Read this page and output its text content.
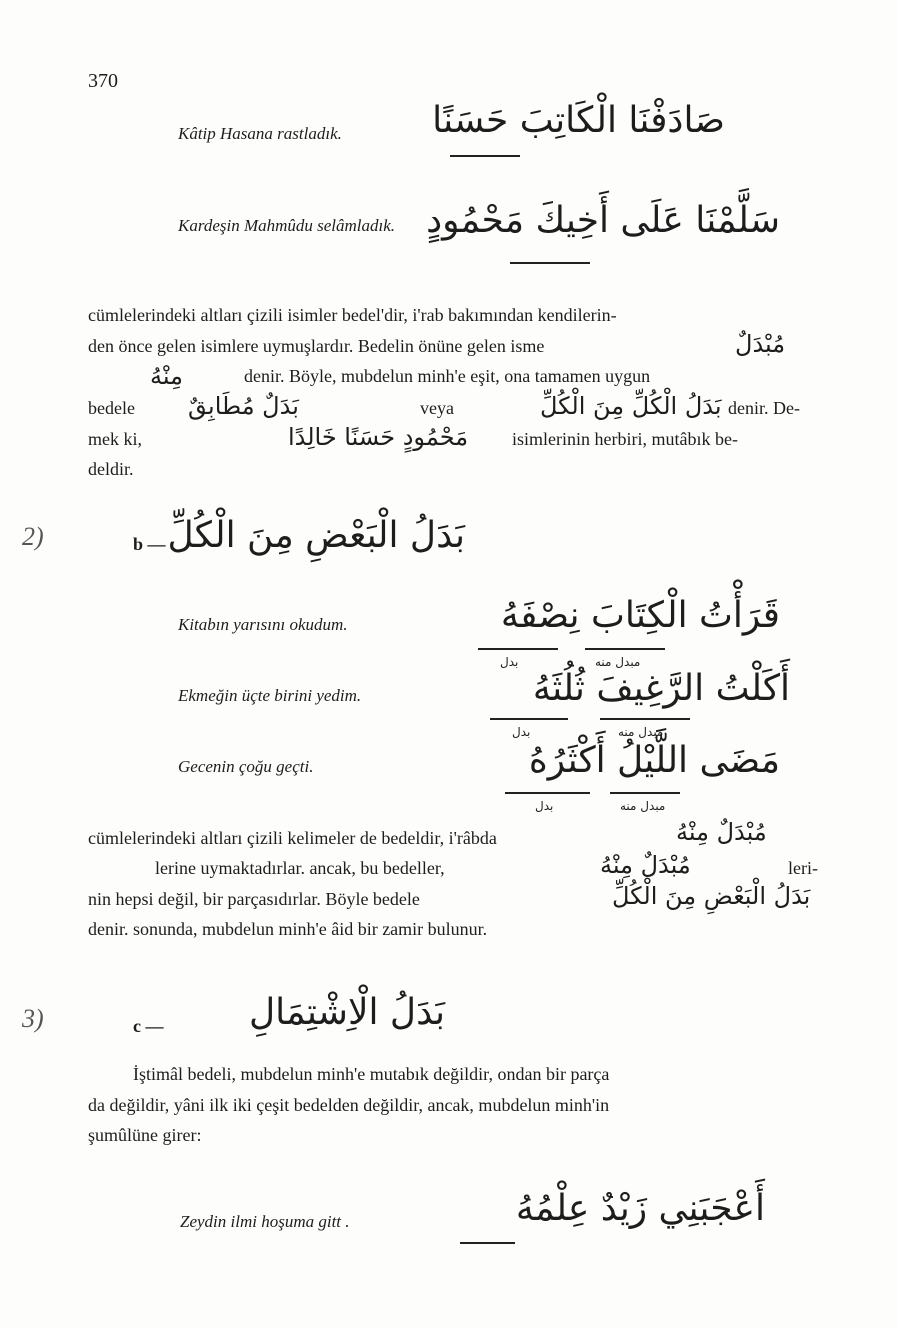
370
Kâtip Hasana rastladık.	صَادَفْنَا الْكَاتِبَ حَسَنًا
Kardeşin Mahmûdu selâmladık. سَلَّمْنَا عَلَى أَخِيكَ مَحْمُودٍ
cümlelerindeki altları çizili isimler bedel'dir, i'rab bakımından kendilerin-
den önce gelen isimlere uymuşlardır. Bedelin önüne gelen isme	مُبْدَلٌ
مِنْهُ	denir. Böyle, mubdelun minh'e eşit, ona tamamen uygun
bedele بَدَلٌ مُطَابِقٌ	veya	بَدَلُ الْكُلِّ مِنَ الْكُلِّ denir. De-
mek ki,	مَحْمُودٍ حَسَنًا خَالِدًا	isimlerinin herbiri, mutâbık be-
deldir.
2)	b — بَدَلُ الْبَعْضِ مِنَ الْكُلِّ
Kitabın yarısını okudum.	قَرَأْتُ الْكِتَابَ نِصْفَهُ
بدل	مبدل منه
Ekmeğin üçte birini yedim.	أَكَلْتُ الرَّغِيفَ ثُلُثَهُ
بدل	مبدل منه
Gecenin çoğu geçti.	مَضَى اللَّيْلُ أَكْثَرُهُ
بدل	مبدل منه
cümlelerindeki altları çizili kelimeler de bedeldir, i'râbda	مُبْدَلٌ مِنْهُ
lerine uymaktadırlar. ancak, bu bedeller,	مُبْدَلٌ مِنْهُ	leri-
nin hepsi değil, bir parçasıdırlar. Böyle bedele	بَدَلُ الْبَعْضِ مِنَ الْكُلِّ
denir. sonunda, mubdelun minh'e âid bir zamir bulunur.
3)	c —	بَدَلُ الْاِشْتِمَالِ
İştimâl bedeli, mubdelun minh'e mutabık değildir, ondan bir parça
da değildir, yâni ilk iki çeşit bedelden değildir, ancak, mubdelun minh'in
şumûlüne girer:
Zeydin ilmi hoşuma gitt .	أَعْجَبَنِي زَيْدٌ عِلْمُهُ
